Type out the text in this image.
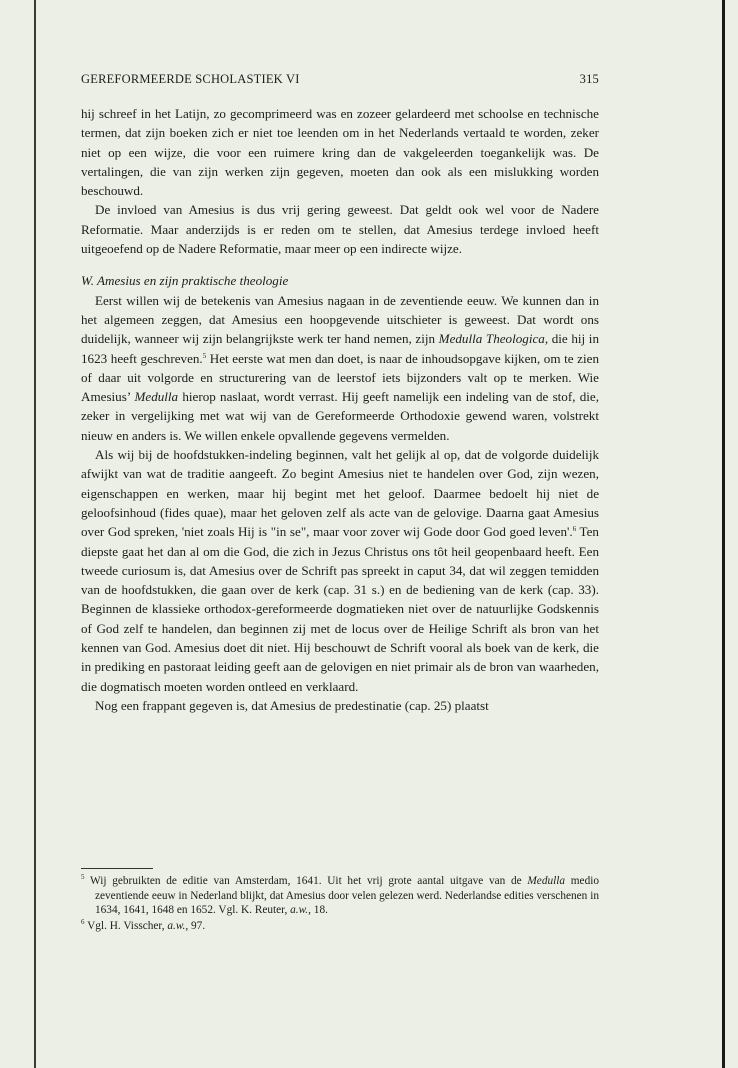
GEREFORMEERDE SCHOLASTIEK VI	315

hij schreef in het Latijn, zo gecomprimeerd was en zozeer gelardeerd met schoolse en technische termen, dat zijn boeken zich er niet toe leenden om in het Nederlands vertaald te worden, zeker niet op een wijze, die voor een ruimere kring dan de vakgeleerden toegankelijk was. De vertalingen, die van zijn werken zijn gegeven, moeten dan ook als een mislukking worden beschouwd.

De invloed van Amesius is dus vrij gering geweest. Dat geldt ook wel voor de Nadere Reformatie. Maar anderzijds is er reden om te stellen, dat Amesius terdege invloed heeft uitgeoefend op de Nadere Reformatie, maar meer op een indirecte wijze.

W. Amesius en zijn praktische theologie

Eerst willen wij de betekenis van Amesius nagaan in de zeventiende eeuw. We kunnen dan in het algemeen zeggen, dat Amesius een hoopgevende uitschieter is geweest. Dat wordt ons duidelijk, wanneer wij zijn belangrijkste werk ter hand nemen, zijn Medulla Theologica, die hij in 1623 heeft geschreven.$^5$ Het eerste wat men dan doet, is naar de inhoudsopgave kijken, om te zien of daar uit volgorde en structurering van de leerstof iets bijzonders valt op te merken. Wie Amesius’ Medulla hierop naslaat, wordt verrast. Hij geeft namelijk een indeling van de stof, die, zeker in vergelijking met wat wij van de Gereformeerde Orthodoxie gewend waren, volstrekt nieuw en anders is. We willen enkele opvallende gegevens vermelden.

Als wij bij de hoofdstukken-indeling beginnen, valt het gelijk al op, dat de volgorde duidelijk afwijkt van wat de traditie aangeeft. Zo begint Amesius niet te handelen over God, zijn wezen, eigenschappen en werken, maar hij begint met het geloof. Daarmee bedoelt hij niet de geloofsinhoud (fides quae), maar het geloven zelf als acte van de gelovige. Daarna gaat Amesius over God spreken, 'niet zoals Hij is "in se", maar voor zover wij Gode door God goed leven'.$^6$ Ten diepste gaat het dan al om die God, die zich in Jezus Christus ons tôt heil geopenbaard heeft. Een tweede curiosum is, dat Amesius over de Schrift pas spreekt in caput 34, dat wil zeggen temidden van de hoofdstukken, die gaan over de kerk (cap. 31 s.) en de bediening van de kerk (cap. 33). Beginnen de klassieke orthodox-gereformeerde dogmatieken niet over de natuurlijke Godskennis of God zelf te handelen, dan beginnen zij met de locus over de Heilige Schrift als bron van het kennen van God. Amesius doet dit niet. Hij beschouwt de Schrift vooral als boek van de kerk, die in prediking en pastoraat leiding geeft aan de gelovigen en niet primair als de bron van waarheden, die dogmatisch moeten worden ontleed en verklaard.

Nog een frappant gegeven is, dat Amesius de predestinatie (cap. 25) plaatst

$^5$ Wij gebruikten de editie van Amsterdam, 1641. Uit het vrij grote aantal uitgave van de Medulla medio zeventiende eeuw in Nederland blijkt, dat Amesius door velen gelezen werd. Nederlandse edities verschenen in 1634, 1641, 1648 en 1652. Vgl. K. Reuter, a.w., 18.

$^6$ Vgl. H. Visscher, a.w., 97.
